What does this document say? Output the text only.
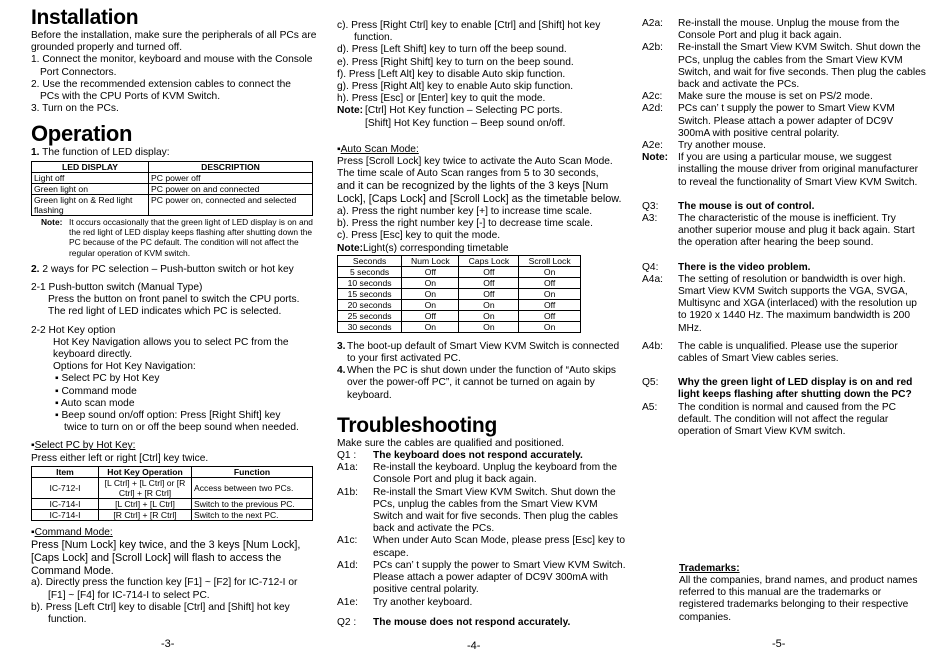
Installation

Before the installation, make sure the peripherals of all PCs are grounded properly and turned off.

1. Connect the monitor, keyboard and mouse with the Console

Port Connectors.

2. Use the recommended extension cables to connect the

PCs with the CPU Ports of KVM Switch.

3. Turn on the PCs.

Operation

1. The function of LED display:

LED DISPLAY	DESCRIPTION
Light off	PC power off
Green light on	PC power on and connected
Green light on & Red light flashing	PC power on, connected and selected
Note: It occurs occasionally that the green light of LED display is on and the red light of LED display keeps flashing after shutting down the PC because of the PC default. The condition will not affect the regular operation of KVM switch.

2. 2 ways for PC selection – Push-button switch or hot key

2-1 Push-button switch (Manual Type)

Press the button on front panel to switch the CPU ports.

The red light of LED indicates which PC is selected.

2-2 Hot Key option

Hot Key Navigation allows you to select PC from the

keyboard directly.

Options for Hot Key Navigation:

▪ Select PC by Hot Key

▪ Command mode

▪ Auto scan mode

▪ Beep sound on/off option: Press [Right Shift] key

twice to turn on or off the beep sound when needed.

▪Select PC by Hot Key:

Press either left or right [Ctrl] key twice.

Item	Hot Key Operation	Function
IC-712-I	[L Ctrl] + [L Ctrl] or [R Ctrl] + [R Ctrl]	Access between two PCs.
IC-714-I	[L Ctrl] + [L Ctrl]	Switch to the previous PC.
IC-714-I	[R Ctrl] + [R Ctrl]	Switch to the next PC.

▪Command Mode:

Press [Num Lock] key twice, and the 3 keys [Num Lock], [Caps Lock] and [Scroll Lock] will flash to access the Command Mode.

a). Directly press the function key [F1] ~ [F2] for IC-712-I or

[F1] ~ [F4] for IC-714-I to select PC.

b). Press [Left Ctrl] key to disable [Ctrl] and [Shift] hot key

function.

-3-

c). Press [Right Ctrl] key to enable [Ctrl] and [Shift] hot key

function.

d). Press [Left Shift] key to turn off the beep sound.

e). Press [Right Shift] key to turn on the beep sound.

f). Press [Left Alt] key to disable Auto skip function.

g). Press [Right Alt] key to enable Auto skip function.

h). Press [Esc] or [Enter] key to quit the mode.

Note: [Ctrl] Hot Key function – Selecting PC ports.
[Shift] Hot Key function – Beep sound on/off.

▪Auto Scan Mode:

Press [Scroll Lock] key twice to activate the Auto Scan Mode. The time scale of Auto Scan ranges from 5 to 30 seconds,

and it can be recognized by the lights of the 3 keys [Num Lock], [Caps Lock] and [Scroll Lock] as the timetable below.

a). Press the right number key [+] to increase time scale.

b). Press the right number key [-] to decrease time scale.

c). Press [Esc] key to quit the mode.

Note:Light(s) corresponding timetable

Seconds	Num Lock	Caps Lock	Scroll Lock
5 seconds	Off	Off	On
10 seconds	On	Off	Off
15 seconds	On	Off	On
20 seconds	On	On	Off
25 seconds	Off	On	Off
30 seconds	On	On	On
3. The boot-up default of Smart View KVM Switch is connected to your first activated PC.
4. When the PC is shut down under the function of “Auto skips over the power-off PC”, it cannot be turned on again by keyboard.
Troubleshooting

Make sure the cables are qualified and positioned.

Q1 :	The keyboard does not respond accurately.
A1a:	Re-install the keyboard. Unplug the keyboard from the Console Port and plug it back again.
A1b:	Re-install the Smart View KVM Switch. Shut down the PCs, unplug the cables from the Smart View KVM Switch and wait for five seconds. Then plug the cables back and activate the PCs.
A1c:	When under Auto Scan Mode, please press [Esc] key to escape.
A1d:	PCs can’ t supply the power to Smart View KVM Switch. Please attach a power adapter of DC9V 300mA with positive central polarity.
A1e:	Try another keyboard.
Q2 :	The mouse does not respond accurately.
-4-
A2a:	Re-install the mouse. Unplug the mouse from the Console Port and plug it back again.
A2b:	Re-install the Smart View KVM Switch. Shut down the PCs, unplug the cables from the Smart View KVM Switch, and wait for five seconds. Then plug the cables back and activate the PCs.
A2c:	Make sure the mouse is set on PS/2 mode.
A2d:	PCs can’ t supply the power to Smart View KVM Switch. Please attach a power adapter of DC9V 300mA with positive central polarity.
A2e:	Try another mouse.
Note: If you are using a particular mouse, we suggest installing the mouse driver from original manufacturer to reveal the functionality of Smart View KVM Switch.
Q3:	The mouse is out of control.
A3:	The characteristic of the mouse is inefficient. Try another superior mouse and plug it back again. Start the operation after hearing the beep sound.
Q4:	There is the video problem.
A4a:	The setting of resolution or bandwidth is over high. Smart View KVM Switch supports the VGA, SVGA, Multisync and XGA (interlaced) with the resolution up to 1920 x 1440 Hz. The maximum bandwidth is 200 MHz.
A4b:	The cable is unqualified. Please use the superior cables of Smart View cables series.
Q5:	Why the green light of LED display is on and red light keeps flashing after shutting down the PC?
A5:	The condition is normal and caused from the PC default. The condition will not affect the regular operation of Smart View KVM switch.

Trademarks:

All the companies, brand names, and product names referred to this manual are the trademarks or registered trademarks belonging to their respective companies.

-5-
